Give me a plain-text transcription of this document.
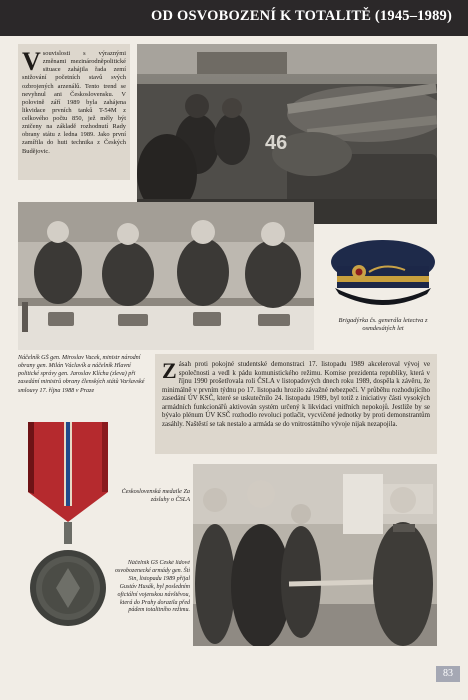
OD OSVOBOZENÍ K TOTALITĚ (1945–1989)

Vsouvislosti s výraznými změnami mezinárodněpolitické situace zahájila řada zemí snižování početních stavů svých ozbrojených arzenálů. Tento trend se nevyhnul ani Československu. V polovině září 1989 byla zahájena likvidace prvních tanků T-54M z celkového počtu 850, jež měly být zničeny na základě rozhodnutí Rady obrany státu z ledna 1989. Jako první zamířila do huti technika z Českých Budějovic.	46

Brigadýrka čs. generála letectva z osmdesátých let

Náčelník GŠ gen. Miroslav Vacek, ministr národní obrany gen. Milán Václavík a náčelník Hlavní politické správy gen. Jaroslav Klícha (zleva) při zasedání ministrů obrany členských států Varšavské smlouvy 17. října 1988 v Praze

Zásah proti pokojné studentské demonstraci 17. listopadu 1989 akceleroval vývoj ve společnosti a vedl k pádu komunistického režimu. Komise prezidenta republiky, která v říjnu 1990 prošetřovala roli ČSLA v listopadových dnech roku 1989, dospěla k závěru, že minimálně v prvním týdnu po 17. listopadu hrozilo závažné nebezpečí. V průběhu rozhodujícího zasedání ÚV KSČ, které se uskutečnilo 24. listopadu 1989, byl totiž z iniciativy části vysokých armádních funkcionářů aktivován systém určený k likvidaci vnitřních nepokojů. Jestliže by se bývalo plénum ÚV KSČ rozhodlo revoluci potlačit, vycvičené jednotky by proti demonstrantům zasáhly. Naštěstí se tak nestalo a armáda se do vnitrostátního vývoje nijak nezapojila.

Československá medaile Za zásluhy o ČSLA

Náčelník GŠ České lidové osvobozenecké armády gen. Ští Sin, listopadu 1989 přijal Gustáv Husák, byl posledním oficiální vojenskou návštěvou, která do Prahy dorazila před pádem totalitního režimu.

83
